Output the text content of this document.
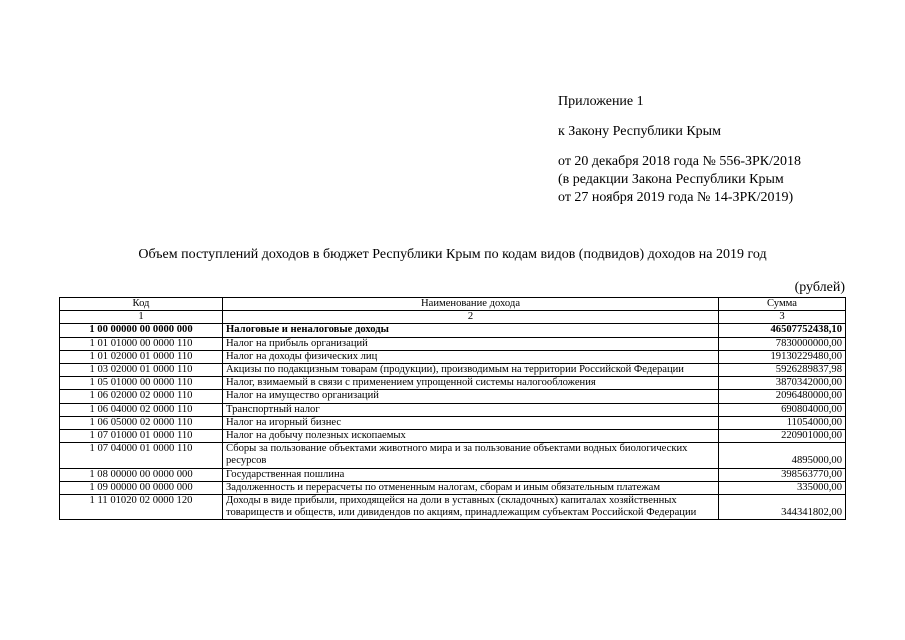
Приложение 1
к Закону Республики Крым
от 20 декабря 2018 года № 556-ЗРК/2018
(в редакции Закона Республики Крым
от 27 ноября 2019 года № 14-ЗРК/2019)
Объем поступлений доходов в бюджет Республики Крым по кодам видов (подвидов) доходов на 2019 год
(рублей)
Код	Наименование дохода	Сумма
1	2	3
1 00 00000 00 0000 000	Налоговые и неналоговые доходы	46507752438,10
1 01 01000 00 0000 110	Налог на прибыль организаций	7830000000,00
1 01 02000 01 0000 110	Налог на доходы физических лиц	19130229480,00
1 03 02000 01 0000 110	Акцизы по подакцизным товарам (продукции), производимым на территории Российской Федерации	5926289837,98
1 05 01000 00 0000 110	Налог, взимаемый в связи с применением упрощенной системы налогообложения	3870342000,00
1 06 02000 02 0000 110	Налог на имущество организаций	2096480000,00
1 06 04000 02 0000 110	Транспортный налог	690804000,00
1 06 05000 02 0000 110	Налог на игорный бизнес	11054000,00
1 07 01000 01 0000 110	Налог на добычу полезных ископаемых	220901000,00
1 07 04000 01 0000 110	Сборы за пользование объектами животного мира и за пользование объектами водных биологических ресурсов	4895000,00
1 08 00000 00 0000 000	Государственная пошлина	398563770,00
1 09 00000 00 0000 000	Задолженность и перерасчеты по отмененным налогам, сборам и иным обязательным платежам	335000,00
1 11 01020 02 0000 120	Доходы в виде прибыли, приходящейся на доли в уставных (складочных) капиталах хозяйственных товариществ и обществ, или дивидендов по акциям, принадлежащим субъектам Российской Федерации	344341802,00
